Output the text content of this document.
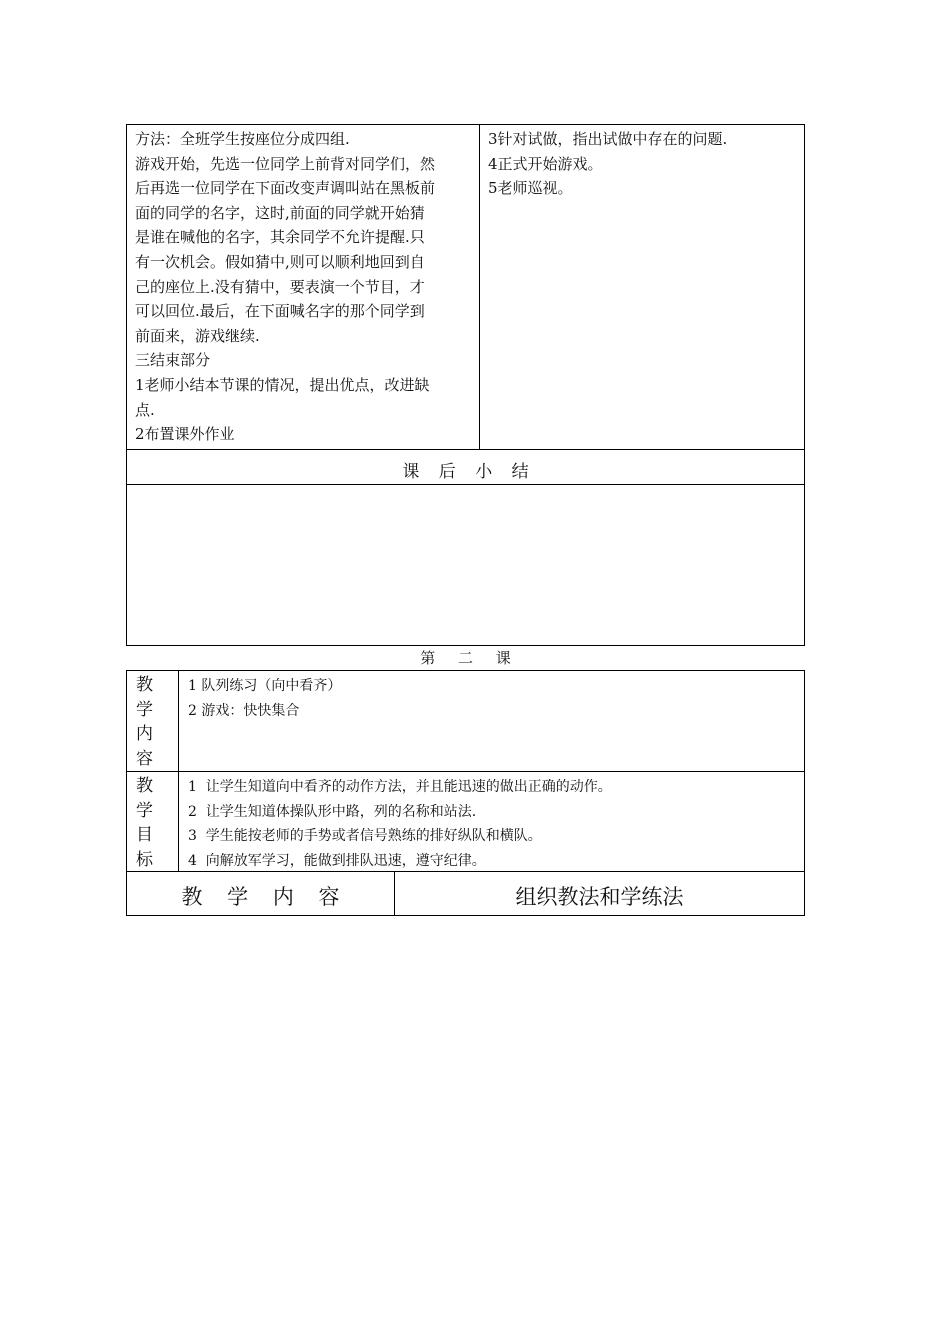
方法：全班学生按座位分成四组.
游戏开始，先选一位同学上前背对同学们，然
后再选一位同学在下面改变声调叫站在黑板前
面的同学的名字，这时,前面的同学就开始猜
是谁在喊他的名字，其余同学不允许提醒.只
有一次机会。假如猜中,则可以顺利地回到自
己的座位上.没有猜中，要表演一个节目，才
可以回位.最后，在下面喊名字的那个同学到
前面来，游戏继续.
三结束部分
1老师小结本节课的情况，提出优点，改进缺
点.
2布置课外作业
3针对试做，指出试做中存在的问题.
4正式开始游戏。
5老师巡视。
课 后 小 结
第 二 课
教
学
内
容
1 队列练习（向中看齐）
2 游戏：快快集合
教
学
目
标
1  让学生知道向中看齐的动作方法，并且能迅速的做出正确的动作。
2  让学生知道体操队形中路，列的名称和站法.
3  学生能按老师的手势或者信号熟练的排好纵队和横队。
4  向解放军学习，能做到排队迅速，遵守纪律。
教 学 内 容	组织教法和学练法
